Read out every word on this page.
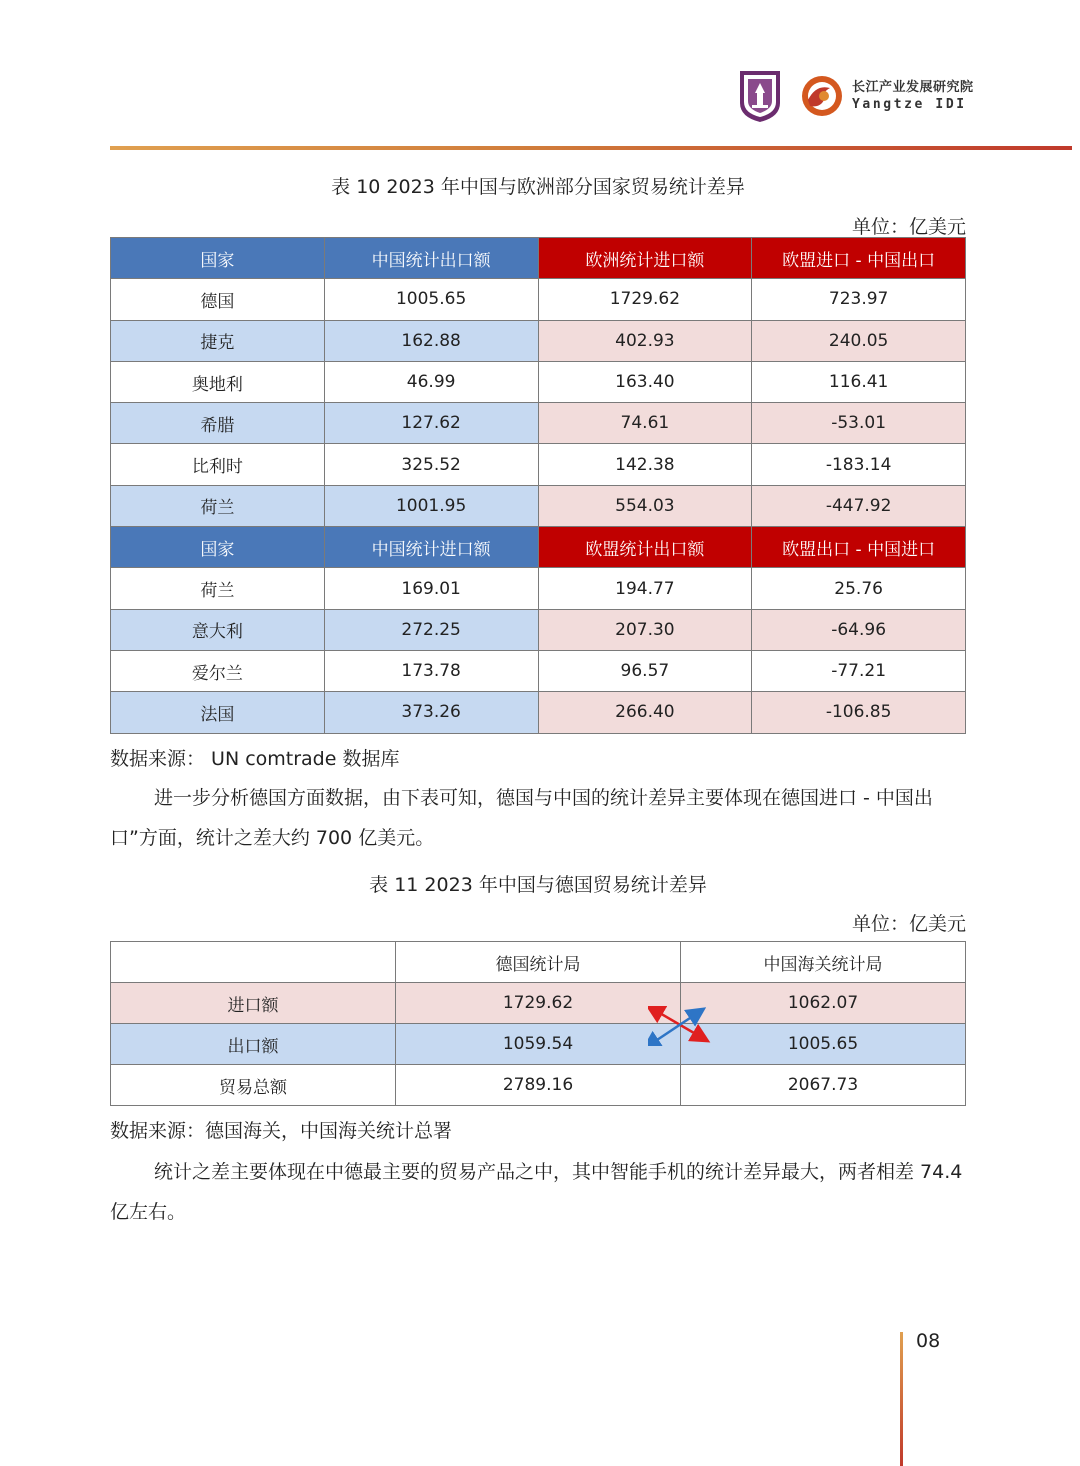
长江产业发展研究院
Yangtze IDI
表 10 2023 年中国与欧洲部分国家贸易统计差异
单位：亿美元
国家	中国统计出口额	欧洲统计进口额	欧盟进口 - 中国出口
德国	1005.65	1729.62	723.97
捷克	162.88	402.93	240.05
奥地利	46.99	163.40	116.41
希腊	127.62	74.61	-53.01
比利时	325.52	142.38	-183.14
荷兰	1001.95	554.03	-447.92
国家	中国统计进口额	欧盟统计出口额	欧盟出口 - 中国进口
荷兰	169.01	194.77	25.76
意大利	272.25	207.30	-64.96
爱尔兰	173.78	96.57	-77.21
法国	373.26	266.40	-106.85
数据来源： UN comtrade 数据库
进一步分析德国方面数据，由下表可知，德国与中国的统计差异主要体现在德国进口 - 中国出口”方面，统计之差大约 700 亿美元。
表 11 2023 年中国与德国贸易统计差异
单位：亿美元
	德国统计局	中国海关统计局
进口额	1729.62	1062.07
出口额	1059.54	1005.65
贸易总额	2789.16	2067.73
数据来源：德国海关，中国海关统计总署
统计之差主要体现在中德最主要的贸易产品之中，其中智能手机的统计差异最大，两者相差 74.4 亿左右。
08
